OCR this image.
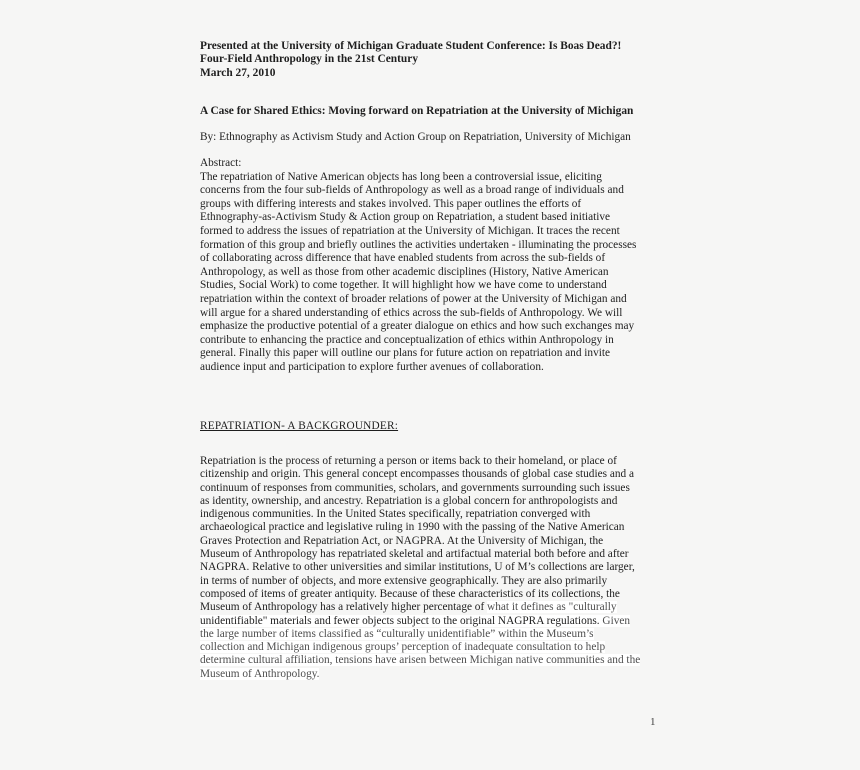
Presented at the University of Michigan Graduate Student Conference: Is Boas Dead?!
Four-Field Anthropology in the 21st Century
March 27, 2010
A Case for Shared Ethics: Moving forward on Repatriation at the University of Michigan
By: Ethnography as Activism Study and Action Group on Repatriation, University of Michigan
Abstract:
The repatriation of Native American objects has long been a controversial issue, eliciting
concerns from the four sub-fields of Anthropology as well as a broad range of individuals and
groups with differing interests and stakes involved. This paper outlines the efforts of
Ethnography-as-Activism Study & Action group on Repatriation, a student based initiative
formed to address the issues of repatriation at the University of Michigan. It traces the recent
formation of this group and briefly outlines the activities undertaken - illuminating the processes
of collaborating across difference that have enabled students from across the sub-fields of
Anthropology, as well as those from other academic disciplines (History, Native American
Studies, Social Work) to come together. It will highlight how we have come to understand
repatriation within the context of broader relations of power at the University of Michigan and
will argue for a shared understanding of ethics across the sub-fields of Anthropology. We will
emphasize the productive potential of a greater dialogue on ethics and how such exchanges may
contribute to enhancing the practice and conceptualization of ethics within Anthropology in
general. Finally this paper will outline our plans for future action on repatriation and invite
audience input and participation to explore further avenues of collaboration.
REPATRIATION- A BACKGROUNDER:
Repatriation is the process of returning a person or items back to their homeland, or place of
citizenship and origin. This general concept encompasses thousands of global case studies and a
continuum of responses from communities, scholars, and governments surrounding such issues
as identity, ownership, and ancestry. Repatriation is a global concern for anthropologists and
indigenous communities. In the United States specifically, repatriation converged with
archaeological practice and legislative ruling in 1990 with the passing of the Native American
Graves Protection and Repatriation Act, or NAGPRA. At the University of Michigan, the
Museum of Anthropology has repatriated skeletal and artifactual material both before and after
NAGPRA. Relative to other universities and similar institutions, U of M’s collections are larger,
in terms of number of objects, and more extensive geographically. They are also primarily
composed of items of greater antiquity. Because of these characteristics of its collections, the
Museum of Anthropology has a relatively higher percentage of what it defines as "culturally
unidentifiable" materials and fewer objects subject to the original NAGPRA regulations. Given
the large number of items classified as “culturally unidentifiable” within the Museum’s
collection and Michigan indigenous groups’ perception of inadequate consultation to help
determine cultural affiliation, tensions have arisen between Michigan native communities and the
Museum of Anthropology.
1
